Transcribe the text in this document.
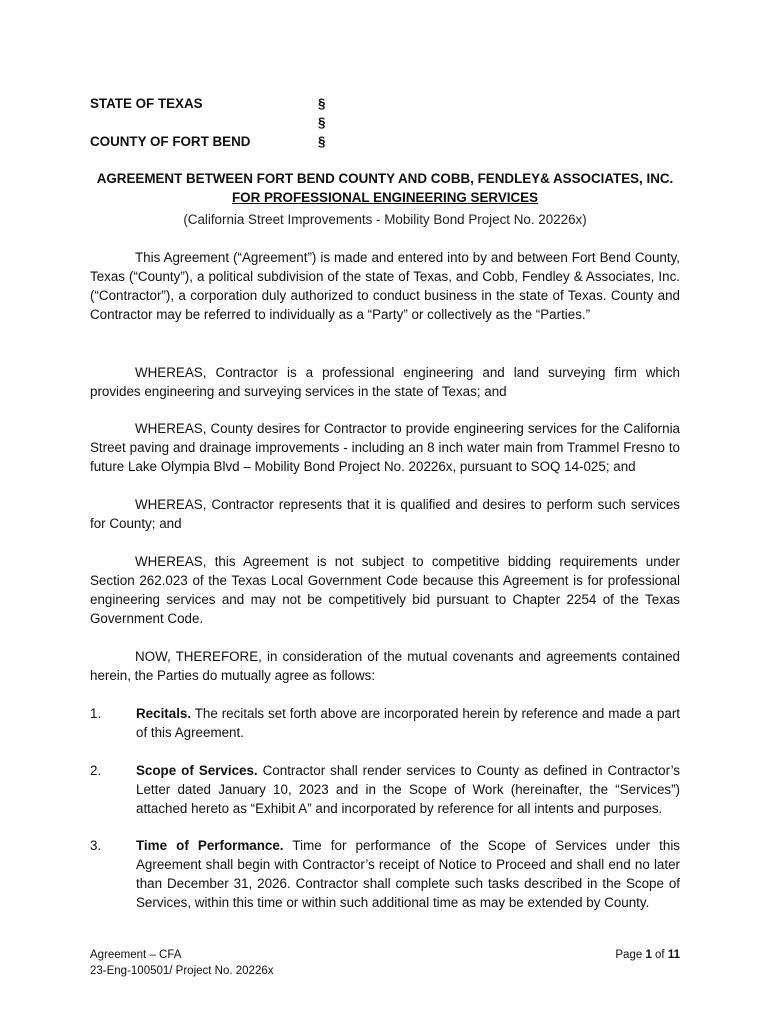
STATE OF TEXAS	§
§
COUNTY OF FORT BEND	§
AGREEMENT BETWEEN FORT BEND COUNTY AND COBB, FENDLEY& ASSOCIATES, INC.
FOR PROFESSIONAL ENGINEERING SERVICES
(California Street Improvements - Mobility Bond Project No. 20226x)

This Agreement (“Agreement”) is made and entered into by and between Fort Bend County, Texas (“County”), a political subdivision of the state of Texas, and Cobb, Fendley & Associates, Inc. (“Contractor”), a corporation duly authorized to conduct business in the state of Texas. County and Contractor may be referred to individually as a “Party” or collectively as the “Parties.”

WHEREAS, Contractor is a professional engineering and land surveying firm which provides engineering and surveying services in the state of Texas; and

WHEREAS, County desires for Contractor to provide engineering services for the California Street paving and drainage improvements - including an 8 inch water main from Trammel Fresno to future Lake Olympia Blvd – Mobility Bond Project No. 20226x, pursuant to SOQ 14-025; and

WHEREAS, Contractor represents that it is qualified and desires to perform such services for County; and

WHEREAS, this Agreement is not subject to competitive bidding requirements under Section 262.023 of the Texas Local Government Code because this Agreement is for professional engineering services and may not be competitively bid pursuant to Chapter 2254 of the Texas Government Code.

NOW, THEREFORE, in consideration of the mutual covenants and agreements contained herein, the Parties do mutually agree as follows:

1.	Recitals. The recitals set forth above are incorporated herein by reference and made a part of this Agreement.

2.	Scope of Services. Contractor shall render services to County as defined in Contractor’s Letter dated January 10, 2023 and in the Scope of Work (hereinafter, the “Services”) attached hereto as “Exhibit A” and incorporated by reference for all intents and purposes.

3.	Time of Performance. Time for performance of the Scope of Services under this Agreement shall begin with Contractor’s receipt of Notice to Proceed and shall end no later than December 31, 2026. Contractor shall complete such tasks described in the Scope of Services, within this time or within such additional time as may be extended by County.

Agreement – CFA
23-Eng-100501/ Project No. 20226x
Page 1 of 11
